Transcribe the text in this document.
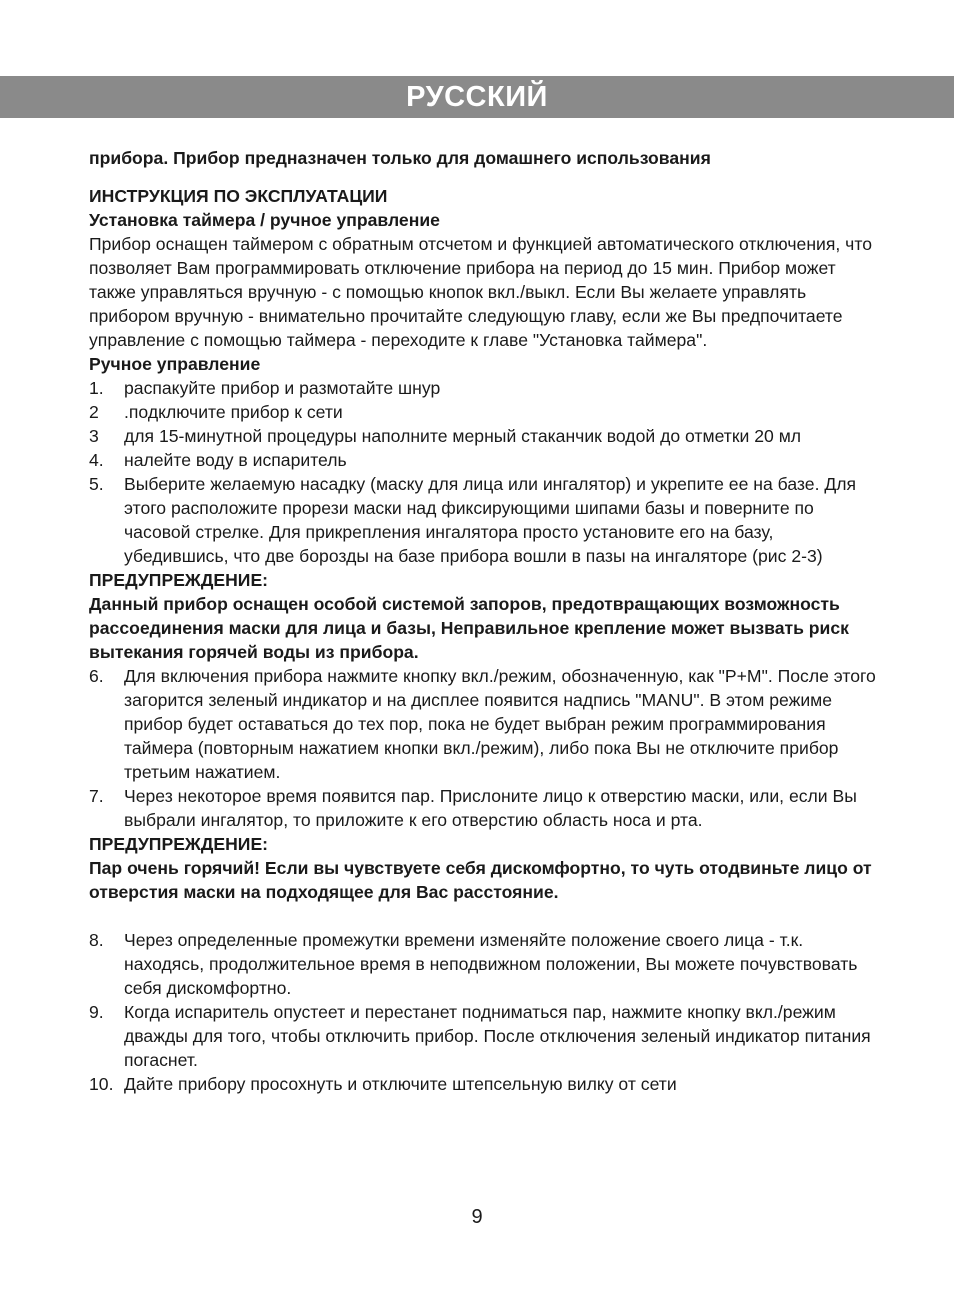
РУССКИЙ

прибора. Прибор предназначен только для домашнего использования

ИНСТРУКЦИЯ ПО ЭКСПЛУАТАЦИИ

Установка таймера / ручное управление

Прибор оснащен таймером с обратным отсчетом и функцией автоматического отключения, что позволяет Вам программировать отключение прибора на период до 15 мин. Прибор может также управляться вручную - с помощью кнопок вкл./выкл. Если Вы желаете управлять прибором вручную - внимательно прочитайте следующую главу, если же Вы предпочитаете управление с помощью таймера - переходите к главе "Установка таймера".

Ручное управление

1.	распакуйте прибор и размотайте шнур
2	.подключите прибор к сети
3	для 15-минутной процедуры наполните мерный стаканчик водой до отметки 20 мл
4.	налейте воду в испаритель
5.	Выберите желаемую насадку (маску для лица или ингалятор) и укрепите ее на базе. Для этого расположите прорези маски над фиксирующими шипами базы и поверните по часовой стрелке. Для прикрепления ингалятора просто установите его на базу, убедившись, что две борозды на базе прибора вошли в пазы на ингаляторе (рис 2-3)

ПРЕДУПРЕЖДЕНИЕ:

Данный прибор оснащен особой системой запоров, предотвращающих возможность рассоединения маски для лица и базы, Неправильное крепление может вызвать риск вытекания горячей воды из прибора.

6.	Для включения прибора нажмите кнопку вкл./режим, обозначенную, как "P+M". После этого загорится зеленый индикатор и на дисплее появится надпись "MANU". В этом режиме прибор будет оставаться до тех пор, пока не будет выбран режим программирования таймера (повторным нажатием кнопки вкл./режим), либо пока Вы не отключите прибор третьим нажатием.
7.	Через некоторое время появится пар. Прислоните лицо к отверстию маски, или, если Вы выбрали ингалятор, то приложите к его отверстию область носа и рта.

ПРЕДУПРЕЖДЕНИЕ:

Пар очень горячий! Если вы чувствуете себя дискомфортно, то чуть отодвиньте лицо от отверстия маски на подходящее для Вас расстояние.

8.	Через определенные промежутки времени изменяйте положение своего лица - т.к. находясь, продолжительное время в неподвижном положении, Вы можете почувствовать себя дискомфортно.
9.	Когда испаритель опустеет и перестанет подниматься пар, нажмите кнопку вкл./режим дважды для того, чтобы отключить прибор. После отключения зеленый индикатор питания погаснет.
10. Дайте прибору просохнуть и отключите штепсельную вилку от сети
9
